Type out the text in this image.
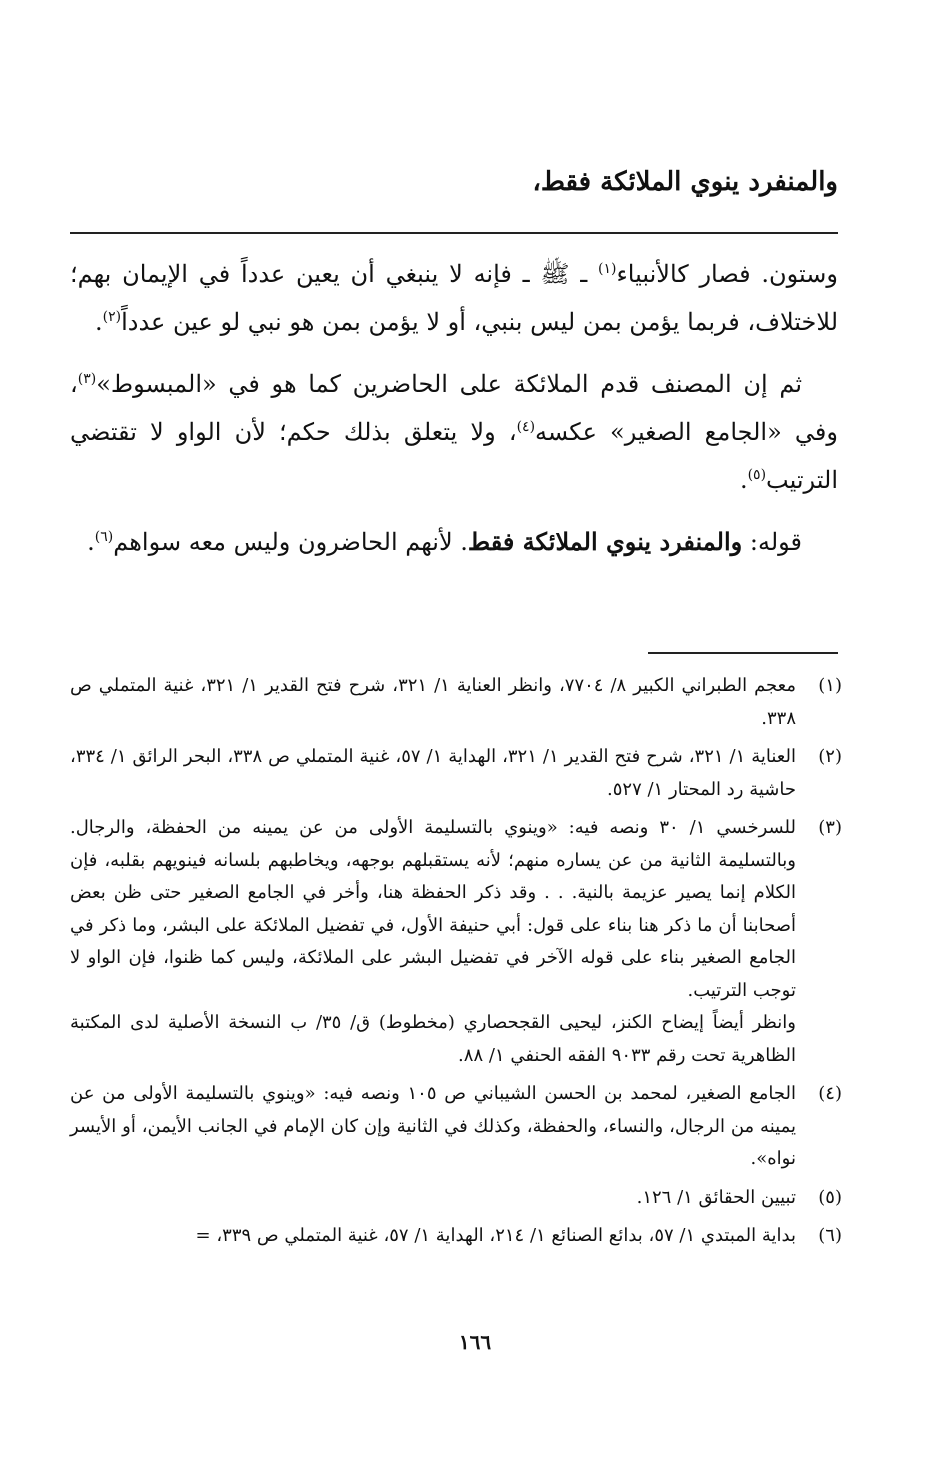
والمنفرد ينوي الملائكة فقط،

وستون. فصار كالأنبياء$^{(١)}$ ـ ﷺ ـ فإنه لا ينبغي أن يعين عدداً في الإيمان بهم؛ للاختلاف، فربما يؤمن بمن ليس بنبي، أو لا يؤمن بمن هو نبي لو عين عدداً$^{(٢)}$.

ثم إن المصنف قدم الملائكة على الحاضرين كما هو في «المبسوط»$^{(٣)}$، وفي «الجامع الصغير» عكسه$^{(٤)}$، ولا يتعلق بذلك حكم؛ لأن الواو لا تقتضي الترتيب$^{(٥)}$.

قوله: والمنفرد ينوي الملائكة فقط. لأنهم الحاضرون وليس معه سواهم$^{(٦)}$.

(١)

معجم الطبراني الكبير ٨/ ٧٧٠٤، وانظر العناية ١/ ٣٢١، شرح فتح القدير ١/ ٣٢١، غنية المتملي ص ٣٣٨.

(٢)

العناية ١/ ٣٢١، شرح فتح القدير ١/ ٣٢١، الهداية ١/ ٥٧، غنية المتملي ص ٣٣٨، البحر الرائق ١/ ٣٣٤، حاشية رد المحتار ١/ ٥٢٧.

(٣)

للسرخسي ١/ ٣٠ ونصه فيه: «وينوي بالتسليمة الأولى من عن يمينه من الحفظة، والرجال. وبالتسليمة الثانية من عن يساره منهم؛ لأنه يستقبلهم بوجهه، ويخاطبهم بلسانه فينويهم بقلبه، فإن الكلام إنما يصير عزيمة بالنية. . . وقد ذكر الحفظة هنا، وأخر في الجامع الصغير حتى ظن بعض أصحابنا أن ما ذكر هنا بناء على قول: أبي حنيفة الأول، في تفضيل الملائكة على البشر، وما ذكر في الجامع الصغير بناء على قوله الآخر في تفضيل البشر على الملائكة، وليس كما ظنوا، فإن الواو لا توجب الترتيب.

وانظر أيضاً إيضاح الكنز، ليحيى القجحصاري (مخطوط) ق/ ٣٥/ ب النسخة الأصلية لدى المكتبة الظاهرية تحت رقم ٩٠٣٣ الفقه الحنفي ١/ ٨٨.

(٤)

الجامع الصغير، لمحمد بن الحسن الشيباني ص ١٠٥ ونصه فيه: «وينوي بالتسليمة الأولى من عن يمينه من الرجال، والنساء، والحفظة، وكذلك في الثانية وإن كان الإمام في الجانب الأيمن، أو الأيسر نواه».

(٥)

تبيين الحقائق ١/ ١٢٦.

(٦)

بداية المبتدي ١/ ٥٧، بدائع الصنائع ١/ ٢١٤، الهداية ١/ ٥٧، غنية المتملي ص ٣٣٩، =

١٦٦
